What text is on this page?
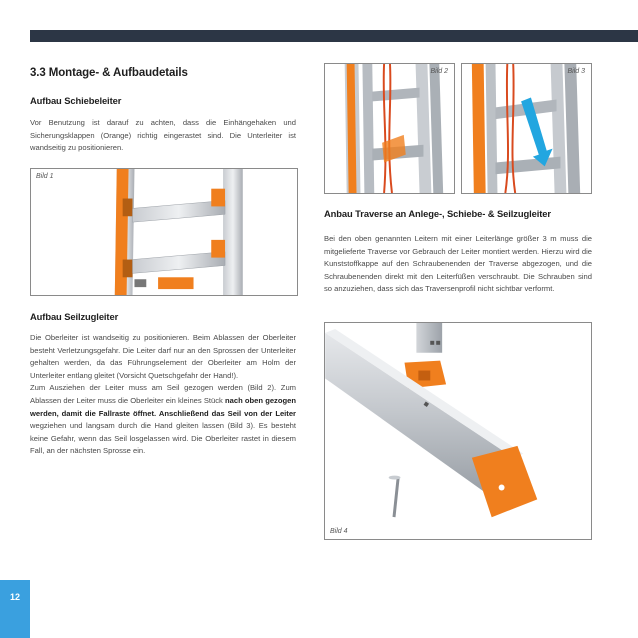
3.3 Montage- & Aufbaudetails
Aufbau Schiebeleiter

Vor Benutzung ist darauf zu achten, dass die Einhängehaken und Sicherungsklappen (Orange) richtig eingerastet sind. Die Unterleiter ist wandseitig zu positionieren.

Bild 1
Aufbau Seilzugleiter

Die Oberleiter ist wandseitig zu positionieren. Beim Ablassen der Oberleiter besteht Verletzungsgefahr. Die Leiter darf nur an den Sprossen der Unterleiter gehalten werden, da das Führungselement der Oberleiter am Holm der Unterleiter entlang gleitet (Vorsicht Quetschgefahr der Hand!).

Zum Ausziehen der Leiter muss am Seil gezogen werden (Bild 2). Zum Ablassen der Leiter muss die Oberleiter ein kleines Stück nach oben gezogen werden, damit die Fallraste öffnet. Anschließend das Seil von der Leiter wegziehen und langsam durch die Hand gleiten lassen (Bild 3). Es besteht keine Gefahr, wenn das Seil losgelassen wird. Die Oberleiter rastet in diesem Fall, an der nächsten Sprosse ein.

Bild 2	Bild 3
Anbau Traverse an Anlege-, Schiebe- & Seilzugleiter

Bei den oben genannten Leitern mit einer Leiterlänge größer 3 m muss die mitgelieferte Traverse vor Gebrauch der Leiter montiert werden. Hierzu wird die Kunststoffkappe auf den Schraubenenden der Traverse abgezogen, und die Schraubenenden direkt mit den Leiterfüßen verschraubt. Die Schrauben sind so anzuziehen, dass sich das Traversenprofil nicht sichtbar verformt.

Bild 4
12
